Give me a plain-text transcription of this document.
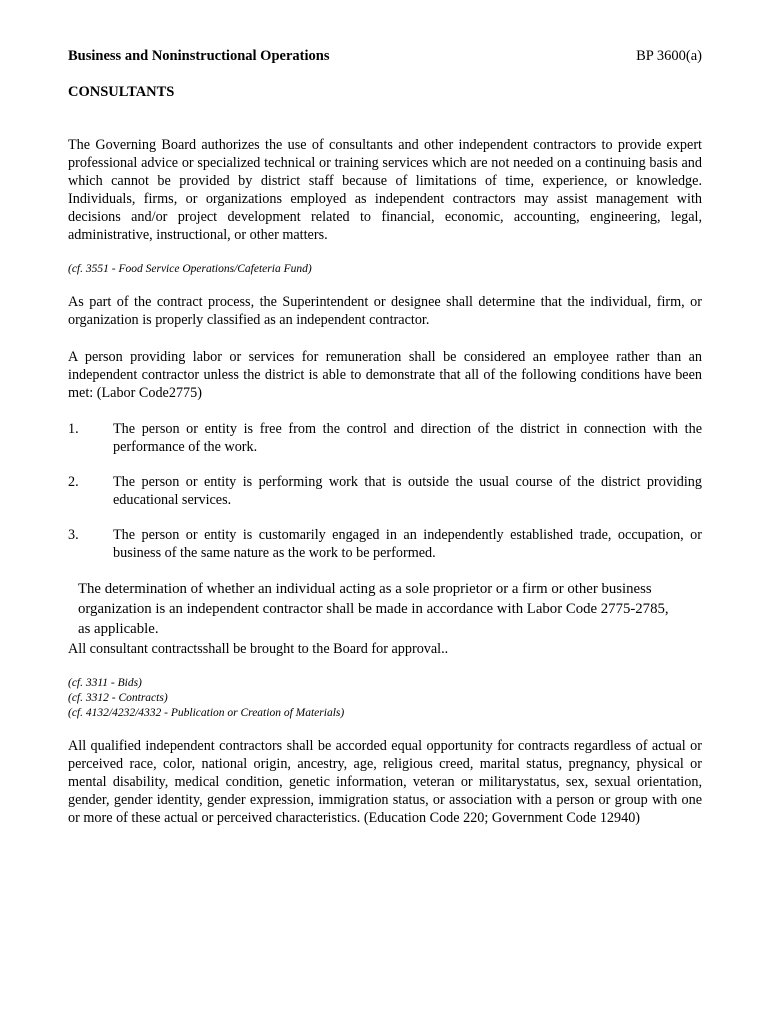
Business and Noninstructional Operations	BP 3600(a)
CONSULTANTS
The Governing Board authorizes the use of consultants and other independent contractors to provide expert professional advice or specialized technical or training services which are not needed on a continuing basis and which cannot be provided by district staff because of limitations of time, experience, or knowledge. Individuals, firms, or organizations employed as independent contractors may assist management with decisions and/or project development related to financial, economic, accounting, engineering, legal, administrative, instructional, or other matters.
(cf. 3551 - Food Service Operations/Cafeteria Fund)
As part of the contract process, the Superintendent or designee shall determine that the individual, firm, or organization is properly classified as an independent contractor.
A person providing labor or services for remuneration shall be considered an employee rather than an independent contractor unless the district is able to demonstrate that all of the following conditions have been met: (Labor Code2775)
1. The person or entity is free from the control and direction of the district in connection with the performance of the work.
2. The person or entity is performing work that is outside the usual course of the district providing educational services.
3. The person or entity is customarily engaged in an independently established trade, occupation, or business of the same nature as the work to be performed.
The determination of whether an individual acting as a sole proprietor or a firm or other business organization is an independent contractor shall be made in accordance with Labor Code 2775-2785, as applicable.
All consultant contractsshall be brought to the Board for approval..
(cf. 3311 - Bids)
(cf. 3312 - Contracts)
(cf. 4132/4232/4332 - Publication or Creation of Materials)
All qualified independent contractors shall be accorded equal opportunity for contracts regardless of actual or perceived race, color, national origin, ancestry, age, religious creed, marital status, pregnancy, physical or mental disability, medical condition, genetic information, veteran or militarystatus, sex, sexual orientation, gender, gender identity, gender expression, immigration status, or association with a person or group with one or more of these actual or perceived characteristics. (Education Code 220; Government Code 12940)
